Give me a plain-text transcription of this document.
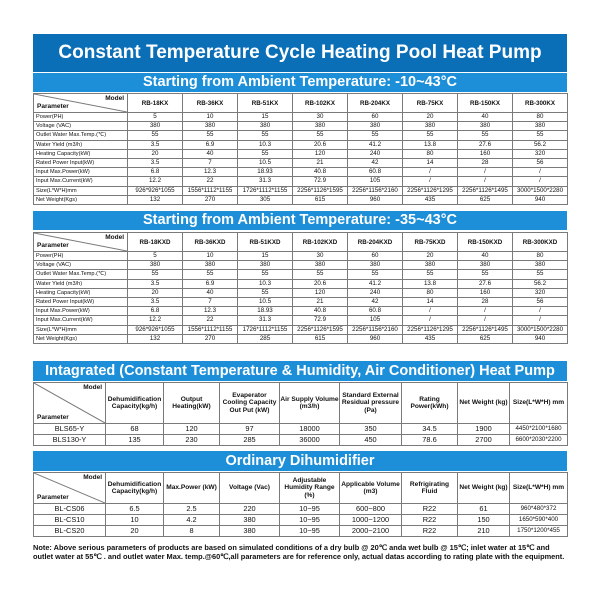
Constant Temperature Cycle Heating Pool Heat Pump
Starting from Ambient Temperature: -10~43°C
Model
Parameter	RB-18KX	RB-36KX	RB-51KX	RB-102KX	RB-204KX	RB-75KX	RB-150KX	RB-300KX
Power(PH)	5	10	15	30	60	20	40	80
Voltage (VAC)	380	380	380	380	380	380	380	380
Outlet Water Max.Temp.(℃)	55	55	55	55	55	55	55	55
Water Yield (m3/h)	3.5	6.9	10.3	20.6	41.2	13.8	27.6	56.2
Heating Capacity(kW)	20	40	55	120	240	80	160	320
Rated Power Input(kW)	3.5	7	10.5	21	42	14	28	56
Input Max.Power(kW)	6.8	12.3	18.93	40.8	60.8	/	/	/
Input Max.Current(kW)	12.2	22	31.3	72.9	105	/	/	/
Size(L*W*H)mm	926*926*1055	1556*1112*1155	1726*1112*1155	2256*1126*1595	2256*1156*2160	2256*1126*1295	2256*1126*1495	3000*1500*2280
Net Weight(Kgs)	132	270	305	615	960	435	625	940
Starting from Ambient Temperature: -35~43°C
Model
Parameter	RB-18KXD	RB-36KXD	RB-51KXD	RB-102KXD	RB-204KXD	RB-75KXD	RB-150KXD	RB-300KXD
Power(PH)	5	10	15	30	60	20	40	80
Voltage (VAC)	380	380	380	380	380	380	380	380
Outlet Water Max.Temp.(℃)	55	55	55	55	55	55	55	55
Water Yield (m3/h)	3.5	6.9	10.3	20.6	41.2	13.8	27.6	56.2
Heating Capacity(kW)	20	40	55	120	240	80	160	320
Rated Power Input(kW)	3.5	7	10.5	21	42	14	28	56
Input Max.Power(kW)	6.8	12.3	18.93	40.8	60.8	/	/	/
Input Max.Current(kW)	12.2	22	31.3	72.9	105	/	/	/
Size(L*W*H)mm	926*926*1055	1556*1112*1155	1726*1112*1155	2256*1126*1595	2256*1156*2160	2256*1126*1295	2256*1126*1495	3000*1500*2280
Net Weight(Kgs)	132	270	285	615	960	435	625	940
Intagrated (Constant Temperature & Humidity, Air Conditioner) Heat Pump
Model
Parameter	Dehumidification Capacity(kg/h)	Output Heating(kW)	Evaperator Cooling Capacity Out Put (kW)	Air Supply Volume (m3/h)	Standard External Residual pressure (Pa)	Rating Power(kWh)	Net Weight (kg)	Size(L*W*H) mm
BLS65-Y	68	120	97	18000	350	34.5	1900	4450*2100*1680
BLS130-Y	135	230	285	36000	450	78.6	2700	6600*2030*2200
Ordinary Dihumidifier
Model
Parameter	Dehumidification Capacity(kg/h)	Max.Power (kW)	Voltage (Vac)	Adjustable Humidity Range (%)	Applicable Volume (m3)	Refrigirating Fluid	Net Weight (kg)	Size(L*W*H) mm
BL-CS06	6.5	2.5	220	10~95	600~800	R22	61	960*480*372
BL-CS10	10	4.2	380	10~95	1000~1200	R22	150	1650*590*400
BL-CS20	20	8	380	10~95	2000~2100	R22	210	1750*1200*455
Note: Above serious parameters of products are based on simulated conditions of a dry bulb @ 20℃ anda wet bulb @ 15℃; inlet water at 15℃ and outlet water at 55℃ . and outlet water Max. temp.@60℃,all parameters are for reference only, actual datas according to rating plate with the equipment.
